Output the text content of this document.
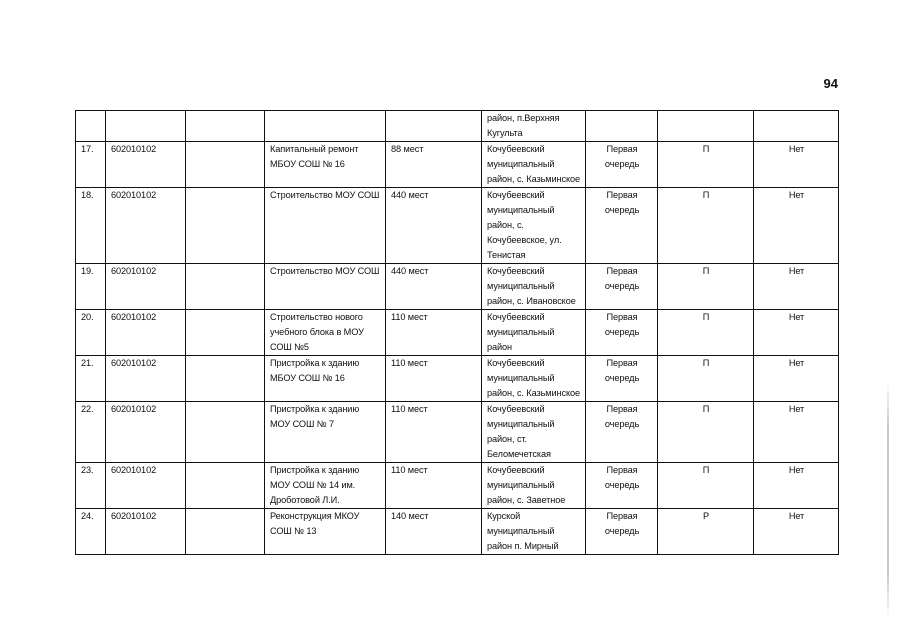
94
					район, п.Верхняя Кугульта			
17.	602010102		Капитальный ремонт МБОУ СОШ № 16	88 мест	Кочубеевский муниципальный район, с. Казьминское	Первая очередь	П	Нет
18.	602010102		Строительство МОУ СОШ	440 мест	Кочубеевский муниципальный район, с. Кочубеевское, ул. Тенистая	Первая очередь	П	Нет
19.	602010102		Строительство МОУ СОШ	440 мест	Кочубеевский муниципальный район, с. Ивановское	Первая очередь	П	Нет
20.	602010102		Строительство нового учебного блока в МОУ СОШ №5	110 мест	Кочубеевский муниципальный район	Первая очередь	П	Нет
21.	602010102		Пристройка к зданию МБОУ СОШ № 16	110 мест	Кочубеевский муниципальный район, с. Казьминское	Первая очередь	П	Нет
22.	602010102		Пристройка к зданию МОУ СОШ № 7	110 мест	Кочубеевский муниципальный район, ст. Беломечетская	Первая очередь	П	Нет
23.	602010102		Пристройка к зданию МОУ СОШ № 14 им. Дроботовой Л.И.	110 мест	Кочубеевский муниципальный район, с. Заветное	Первая очередь	П	Нет
24.	602010102		Реконструкция МКОУ СОШ № 13	140 мест	Курской муниципальный район п. Мирный	Первая очередь	Р	Нет
